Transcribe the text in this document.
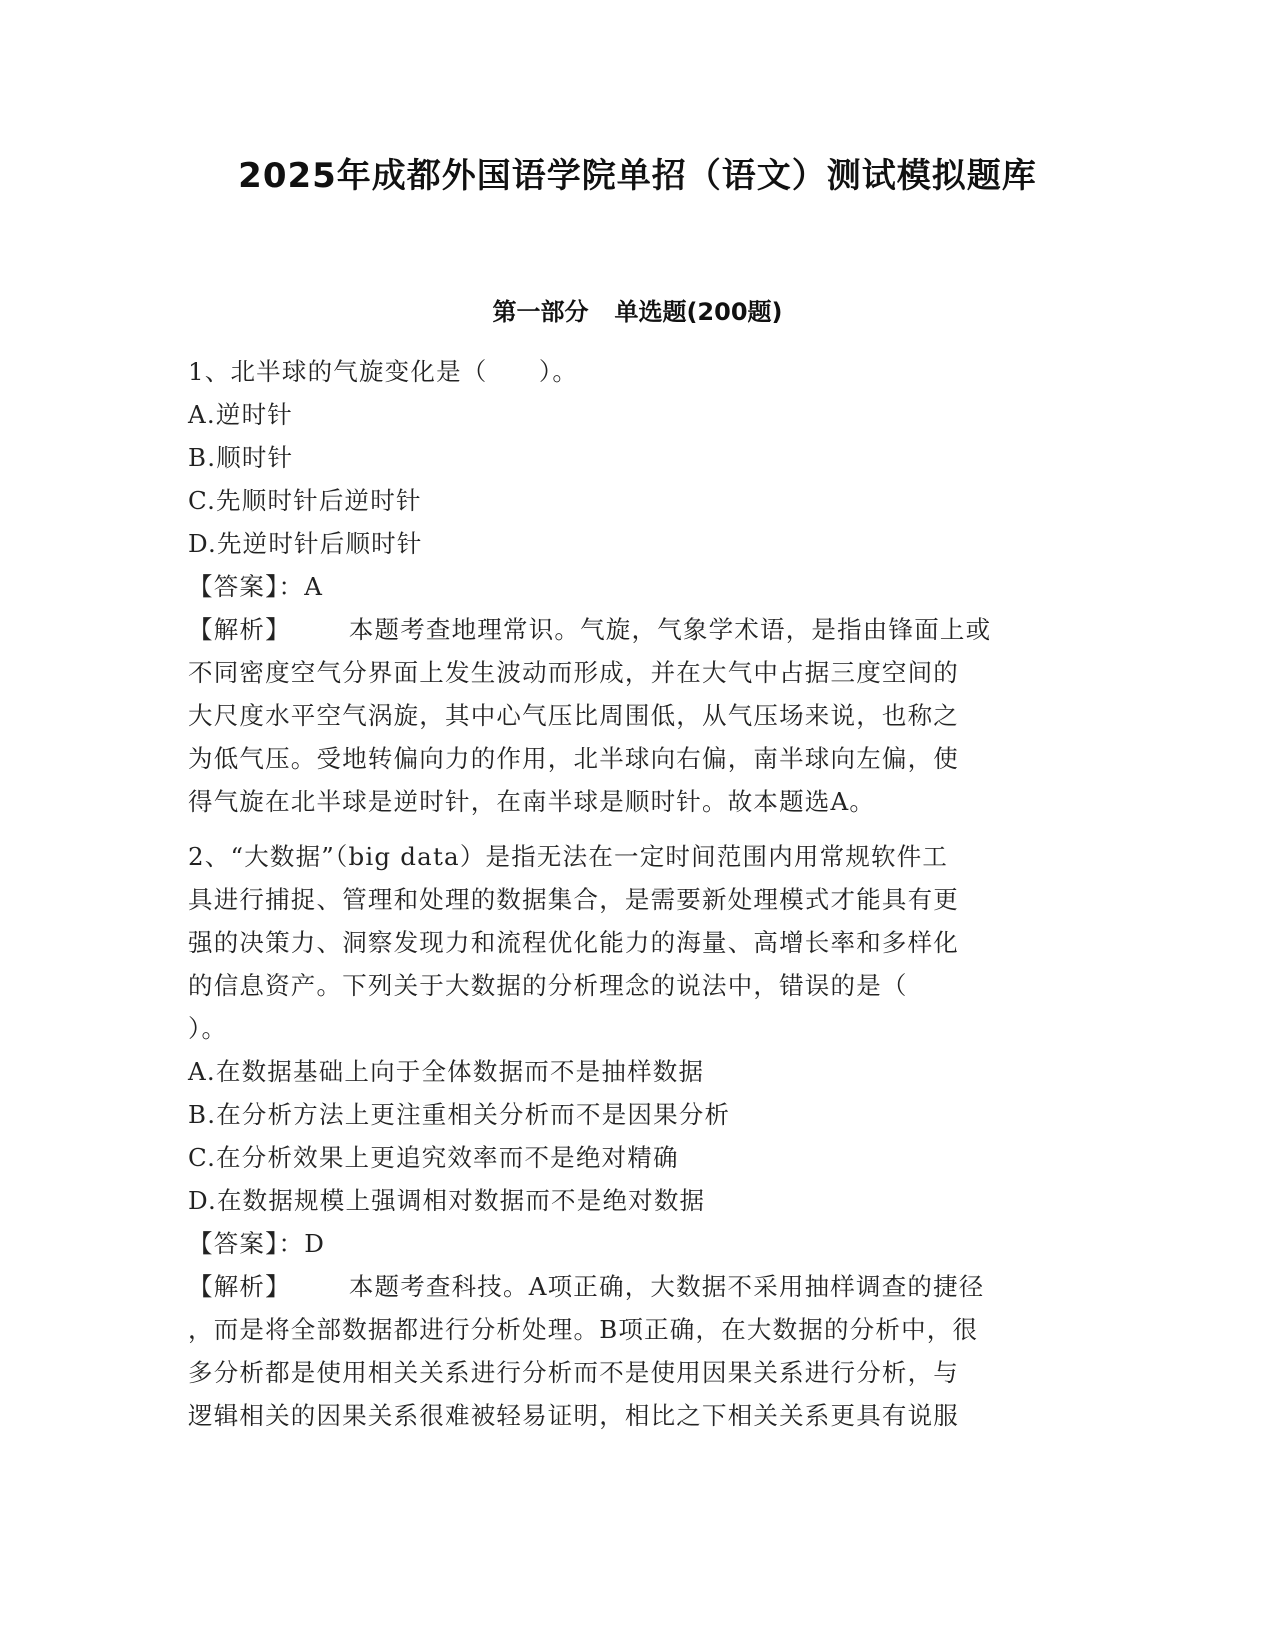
2025年成都外国语学院单招（语文）测试模拟题库
第一部分 单选题(200题)
1、北半球的气旋变化是（　　）。
A.逆时针
B.顺时针
C.先顺时针后逆时针
D.先逆时针后顺时针
【答案】：A
【解析】 本题考查地理常识。气旋，气象学术语，是指由锋面上或
不同密度空气分界面上发生波动而形成，并在大气中占据三度空间的
大尺度水平空气涡旋，其中心气压比周围低，从气压场来说，也称之
为低气压。受地转偏向力的作用，北半球向右偏，南半球向左偏，使
得气旋在北半球是逆时针，在南半球是顺时针。故本题选A。
2、“大数据”（big data）是指无法在一定时间范围内用常规软件工
具进行捕捉、管理和处理的数据集合，是需要新处理模式才能具有更
强的决策力、洞察发现力和流程优化能力的海量、高增长率和多样化
的信息资产。下列关于大数据的分析理念的说法中，错误的是（
）。
A.在数据基础上向于全体数据而不是抽样数据
B.在分析方法上更注重相关分析而不是因果分析
C.在分析效果上更追究效率而不是绝对精确
D.在数据规模上强调相对数据而不是绝对数据
【答案】：D
【解析】 本题考查科技。A项正确，大数据不采用抽样调查的捷径
，而是将全部数据都进行分析处理。B项正确，在大数据的分析中，很
多分析都是使用相关关系进行分析而不是使用因果关系进行分析，与
逻辑相关的因果关系很难被轻易证明，相比之下相关关系更具有说服
